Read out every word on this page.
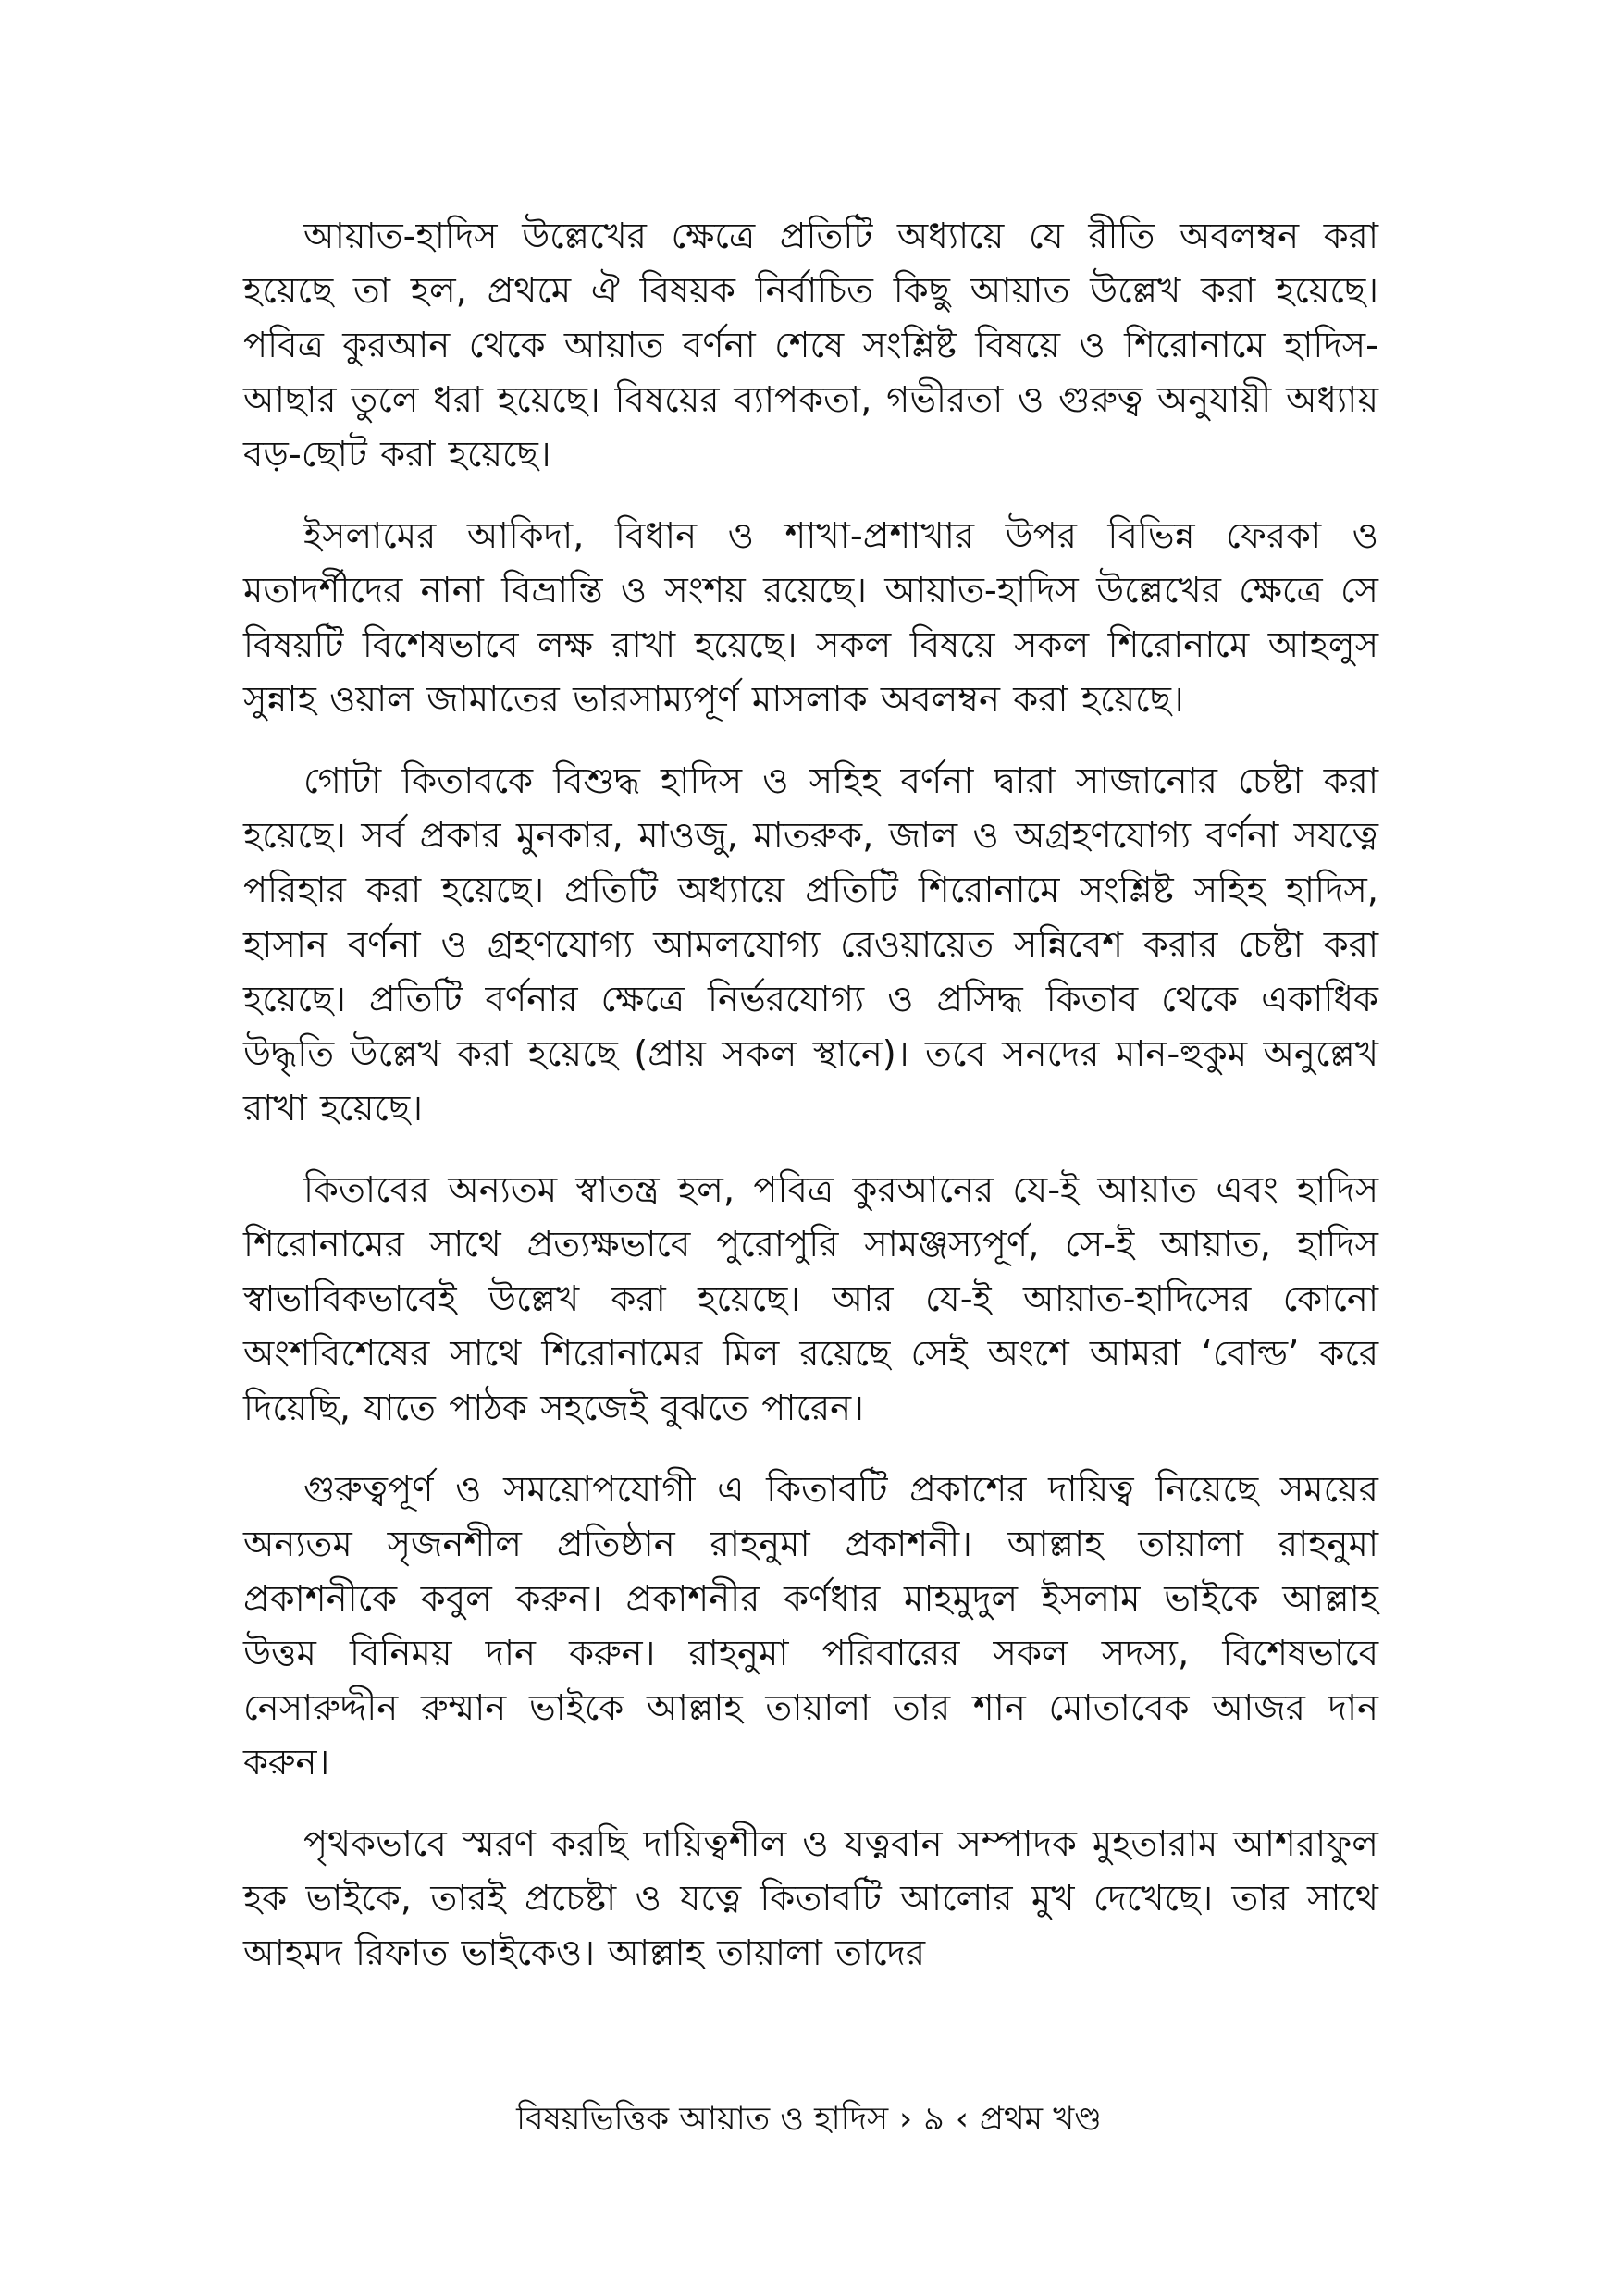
আয়াত-হাদিস উল্লেখের ক্ষেত্রে প্রতিটি অধ্যায়ে যে রীতি অবলম্বন করা হয়েছে তা হল, প্রথমে ঐ বিষয়ক নির্বাচিত কিছু আয়াত উল্লেখ করা হয়েছে। পবিত্র কুরআন থেকে আয়াত বর্ণনা শেষে সংশ্লিষ্ট বিষয়ে ও শিরোনামে হাদিস-আছার তুলে ধরা হয়েছে। বিষয়ের ব্যাপকতা, গভীরতা ও গুরুত্ব অনুযায়ী অধ্যায় বড়-ছোট করা হয়েছে।

ইসলামের আকিদা, বিধান ও শাখা-প্রশাখার উপর বিভিন্ন ফেরকা ও মতাদর্শীদের নানা বিভ্রান্তি ও সংশয় রয়েছে। আয়াত-হাদিস উল্লেখের ক্ষেত্রে সে বিষয়টি বিশেষভাবে লক্ষ রাখা হয়েছে। সকল বিষয়ে সকল শিরোনামে আহলুস সুন্নাহ ওয়াল জামাতের ভারসাম্যপূর্ণ মাসলাক অবলম্বন করা হয়েছে।

গোটা কিতাবকে বিশুদ্ধ হাদিস ও সহিহ বর্ণনা দ্বারা সাজানোর চেষ্টা করা হয়েছে। সর্ব প্রকার মুনকার, মাওজু, মাতরুক, জাল ও অগ্রহণযোগ্য বর্ণনা সযত্নে পরিহার করা হয়েছে। প্রতিটি অধ্যায়ে প্রতিটি শিরোনামে সংশ্লিষ্ট সহিহ হাদিস, হাসান বর্ণনা ও গ্রহণযোগ্য আমলযোগ্য রেওয়ায়েত সন্নিবেশ করার চেষ্টা করা হয়েছে। প্রতিটি বর্ণনার ক্ষেত্রে নির্ভরযোগ্য ও প্রসিদ্ধ কিতাব থেকে একাধিক উদ্ধৃতি উল্লেখ করা হয়েছে (প্রায় সকল স্থানে)। তবে সনদের মান-হুকুম অনুল্লেখ রাখা হয়েছে।

কিতাবের অন্যতম স্বাতন্ত্র হল, পবিত্র কুরআনের যে-ই আয়াত এবং হাদিস শিরোনামের সাথে প্রত্যক্ষভাবে পুরোপুরি সামঞ্জস্যপূর্ণ, সে-ই আয়াত, হাদিস স্বাভাবিকভাবেই উল্লেখ করা হয়েছে। আর যে-ই আয়াত-হাদিসের কোনো অংশবিশেষের সাথে শিরোনামের মিল রয়েছে সেই অংশে আমরা ‘বোল্ড’ করে দিয়েছি, যাতে পাঠক সহজেই বুঝতে পারেন।

গুরুত্বপূর্ণ ও সময়োপযোগী এ কিতাবটি প্রকাশের দায়িত্ব নিয়েছে সময়ের অন্যতম সৃজনশীল প্রতিষ্ঠান রাহনুমা প্রকাশনী। আল্লাহ তায়ালা রাহনুমা প্রকাশনীকে কবুল করুন। প্রকাশনীর কর্ণধার মাহমুদুল ইসলাম ভাইকে আল্লাহ উত্তম বিনিময় দান করুন। রাহনুমা পরিবারের সকল সদস্য, বিশেষভাবে নেসারুদ্দীন রুম্মান ভাইকে আল্লাহ তায়ালা তার শান মোতাবেক আজর দান করুন।

পৃথকভাবে স্মরণ করছি দায়িত্বশীল ও যত্নবান সম্পাদক মুহতারাম আশরাফুল হক ভাইকে, তারই প্রচেষ্টা ও যত্নে কিতাবটি আলোর মুখ দেখেছে। তার সাথে আহমদ রিফাত ভাইকেও। আল্লাহ তায়ালা তাদের

বিষয়ভিত্তিক আয়াত ও হাদিস › ৯ ‹ প্রথম খণ্ড
